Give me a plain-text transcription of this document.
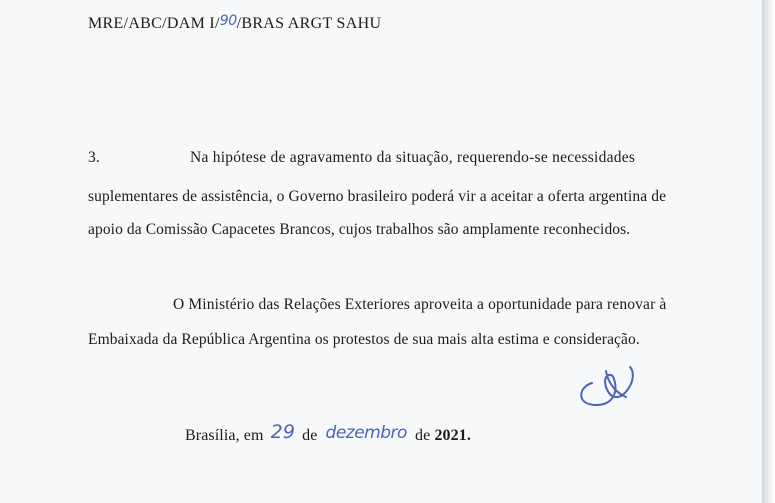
MRE/ABC/DAM I/90/BRAS ARGT SAHU
3.	Na hipótese de agravamento da situação, requerendo-se necessidades
suplementares de assistência, o Governo brasileiro poderá vir a aceitar a oferta argentina de
apoio da Comissão Capacetes Brancos, cujos trabalhos são amplamente reconhecidos.
O Ministério das Relações Exteriores aproveita a oportunidade para renovar à
Embaixada da República Argentina os protestos de sua mais alta estima e consideração.
Brasília, em 29 de dezembro de 2021.
